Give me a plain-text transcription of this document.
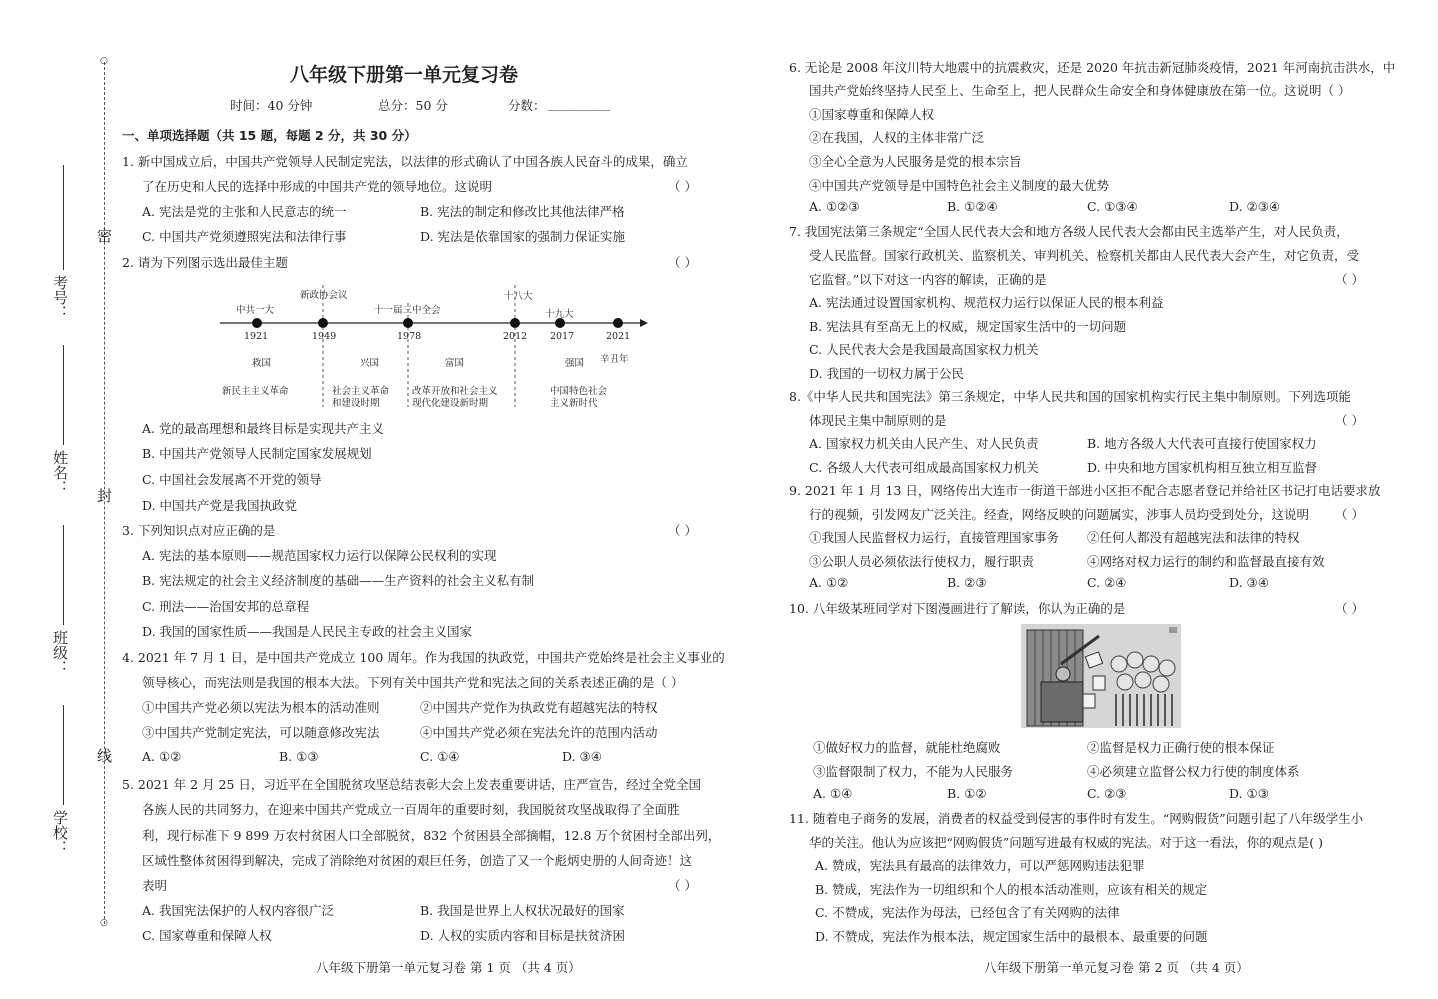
○
○
密
封
线
考号：
姓名：
班级：
学校：
八年级下册第一单元复习卷
时间：40 分钟	总分：50 分	分数： __________
一、单项选择题（共 15 题，每题 2 分，共 30 分）
1. 新中国成立后，中国共产党领导人民制定宪法，以法律的形式确认了中国各族人民奋斗的成果，确立
了在历史和人民的选择中形成的中国共产党的领导地位。这说明	（ ）
A. 宪法是党的主张和人民意志的统一	B. 宪法的制定和修改比其他法律严格
C. 中国共产党须遵照宪法和法律行事	D. 宪法是依靠国家的强制力保证实施
2. 请为下列图示选出最佳主题	（ ）
中共一大
新政协会议
十一届三中全会
十八大
十九大
1921	1949	1978	2012 2017	2021
救国	兴国	富国	强国 辛丑年
新民主主义革命	社会主义革命
和建设时期
改革开放和社会主义
现代化建设新时期
中国特色社会
主义新时代
A. 党的最高理想和最终目标是实现共产主义
B. 中国共产党领导人民制定国家发展规划
C. 中国社会发展离不开党的领导
D. 中国共产党是我国执政党
3. 下列知识点对应正确的是	（ ）
A. 宪法的基本原则——规范国家权力运行以保障公民权利的实现
B. 宪法规定的社会主义经济制度的基础——生产资料的社会主义私有制
C. 刑法——治国安邦的总章程
D. 我国的国家性质——我国是人民民主专政的社会主义国家
4. 2021 年 7 月 1 日，是中国共产党成立 100 周年。作为我国的执政党，中国共产党始终是社会主义事业的
领导核心，而宪法则是我国的根本大法。下列有关中国共产党和宪法之间的关系表述正确的是（ ）
①中国共产党必须以宪法为根本的活动准则	②中国共产党作为执政党有超越宪法的特权
③中国共产党制定宪法，可以随意修改宪法	④中国共产党必须在宪法允许的范围内活动
A. ①②	B. ①③	C. ①④	D. ③④
5. 2021 年 2 月 25 日，习近平在全国脱贫攻坚总结表彰大会上发表重要讲话，庄严宣告，经过全党全国
各族人民的共同努力，在迎来中国共产党成立一百周年的重要时刻，我国脱贫攻坚战取得了全面胜
利，现行标准下 9 899 万农村贫困人口全部脱贫，832 个贫困县全部摘帽，12.8 万个贫困村全部出列，
区域性整体贫困得到解决，完成了消除绝对贫困的艰巨任务，创造了又一个彪炳史册的人间奇迹！这
表明	（ ）
A. 我国宪法保护的人权内容很广泛	B. 我国是世界上人权状况最好的国家
C. 国家尊重和保障人权	D. 人权的实质内容和目标是扶贫济困
八年级下册第一单元复习卷 第 1 页 （共 4 页）
6. 无论是 2008 年汶川特大地震中的抗震救灾，还是 2020 年抗击新冠肺炎疫情，2021 年河南抗击洪水，中
国共产党始终坚持人民至上、生命至上，把人民群众生命安全和身体健康放在第一位。这说明（ ）
①国家尊重和保障人权
②在我国，人权的主体非常广泛
③全心全意为人民服务是党的根本宗旨
④中国共产党领导是中国特色社会主义制度的最大优势
A. ①②③	B. ①②④	C. ①③④	D. ②③④
7. 我国宪法第三条规定“全国人民代表大会和地方各级人民代表大会都由民主选举产生，对人民负责，
受人民监督。国家行政机关、监察机关、审判机关、检察机关都由人民代表大会产生，对它负责，受
它监督。”以下对这一内容的解读，正确的是	（ ）
A. 宪法通过设置国家机构、规范权力运行以保证人民的根本利益
B. 宪法具有至高无上的权威，规定国家生活中的一切问题
C. 人民代表大会是我国最高国家权力机关
D. 我国的一切权力属于公民
8.《中华人民共和国宪法》第三条规定，中华人民共和国的国家机构实行民主集中制原则。下列选项能
体现民主集中制原则的是	（ ）
A. 国家权力机关由人民产生、对人民负责	B. 地方各级人大代表可直接行使国家权力
C. 各级人大代表可组成最高国家权力机关	D. 中央和地方国家机构相互独立相互监督
9. 2021 年 1 月 13 日，网络传出大连市一街道干部进小区拒不配合志愿者登记并给社区书记打电话要求放
行的视频，引发网友广泛关注。经查，网络反映的问题属实，涉事人员均受到处分，这说明 （ ）
①我国人民监督权力运行，直接管理国家事务 ②任何人都没有超越宪法和法律的特权
③公职人员必须依法行使权力，履行职责	④网络对权力运行的制约和监督最直接有效
A. ①②	B. ②③	C. ②④	D. ③④
10. 八年级某班同学对下图漫画进行了解读，你认为正确的是	（ ）
①做好权力的监督，就能杜绝腐败	②监督是权力正确行使的根本保证
③监督限制了权力，不能为人民服务	④必须建立监督公权力行使的制度体系
A. ①④	B. ①②	C. ②③	D. ①③
11. 随着电子商务的发展，消费者的权益受到侵害的事件时有发生。“网购假货”问题引起了八年级学生小
华的关注。他认为应该把“网购假货”问题写进最有权威的宪法。对于这一看法，你的观点是( )
A. 赞成，宪法具有最高的法律效力，可以严惩网购违法犯罪
B. 赞成，宪法作为一切组织和个人的根本活动准则，应该有相关的规定
C. 不赞成，宪法作为母法，已经包含了有关网购的法律
D. 不赞成，宪法作为根本法，规定国家生活中的最根本、最重要的问题
八年级下册第一单元复习卷 第 2 页 （共 4 页）
